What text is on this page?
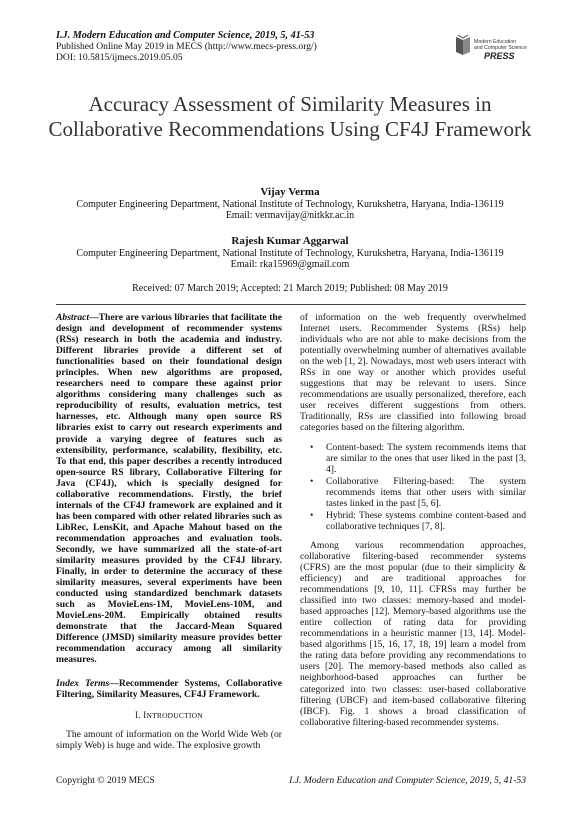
I.J. Modern Education and Computer Science, 2019, 5, 41-53
Published Online May 2019 in MECS (http://www.mecs-press.org/)
DOI: 10.5815/ijmecs.2019.05.05
Modern Education
and Computer Science
PRESS
Accuracy Assessment of Similarity Measures in Collaborative Recommendations Using CF4J Framework
Vijay Verma
Computer Engineering Department, National Institute of Technology, Kurukshetra, Haryana, India-136119
Email: vermavijay@nitkkr.ac.in
Rajesh Kumar Aggarwal
Computer Engineering Department, National Institute of Technology, Kurukshetra, Haryana, India-136119
Email: rka15969@gmail.com
Received: 07 March 2019; Accepted: 21 March 2019; Published: 08 May 2019

Abstract—There are various libraries that facilitate the design and development of recommender systems (RSs) research in both the academia and industry. Different libraries provide a different set of functionalities based on their foundational design principles. When new algorithms are proposed, researchers need to compare these against prior algorithms considering many challenges such as reproducibility of results, evaluation metrics, test harnesses, etc. Although many open source RS libraries exist to carry out research experiments and provide a varying degree of features such as extensibility, performance, scalability, flexibility, etc. To that end, this paper describes a recently introduced open-source RS library, Collaborative Filtering for Java (CF4J), which is specially designed for collaborative recommendations. Firstly, the brief internals of the CF4J framework are explained and it has been compared with other related libraries such as LibRec, LensKit, and Apache Mahout based on the recommendation approaches and evaluation tools. Secondly, we have summarized all the state-of-art similarity measures provided by the CF4J library. Finally, in order to determine the accuracy of these similarity measures, several experiments have been conducted using standardized benchmark datasets such as MovieLens-1M, MovieLens-10M, and MovieLens-20M. Empirically obtained results demonstrate that the Jaccard-Mean Squared Difference (JMSD) similarity measure provides better recommendation accuracy among all similarity measures.

Index Terms—Recommender Systems, Collaborative Filtering, Similarity Measures, CF4J Framework.

I. INTRODUCTION

The amount of information on the World Wide Web (or simply Web) is huge and wide. The explosive growth

of information on the web frequently overwhelmed Internet users. Recommender Systems (RSs) help individuals who are not able to make decisions from the potentially overwhelming number of alternatives available on the web [1, 2]. Nowadays, most web users interact with RSs in one way or another which provides useful suggestions that may be relevant to users. Since recommendations are usually personalized, therefore, each user receives different suggestions from others. Traditionally, RSs are classified into following broad categories based on the filtering algorithm.

• Content-based: The system recommends items that are similar to the ones that user liked in the past [3, 4].
• Collaborative Filtering-based: The system recommends items that other users with similar tastes linked in the past [5, 6].
• Hybrid: These systems combine content-based and collaborative techniques [7, 8].

Among various recommendation approaches, collaborative filtering-based recommender systems (CFRS) are the most popular (due to their simplicity & efficiency) and are traditional approaches for recommendations [9, 10, 11]. CFRSs may further be classified into two classes: memory-based and model-based approaches [12]. Memory-based algorithms use the entire collection of rating data for providing recommendations in a heuristic manner [13, 14]. Model-based algorithms [15, 16, 17, 18, 19] learn a model from the rating data before providing any recommendations to users [20]. The memory-based methods also called as neighborhood-based approaches can further be categorized into two classes: user-based collaborative filtering (UBCF) and item-based collaborative filtering (IBCF). Fig. 1 shows a broad classification of collaborative filtering-based recommender systems.

Copyright © 2019 MECS	I.J. Modern Education and Computer Science, 2019, 5, 41-53
